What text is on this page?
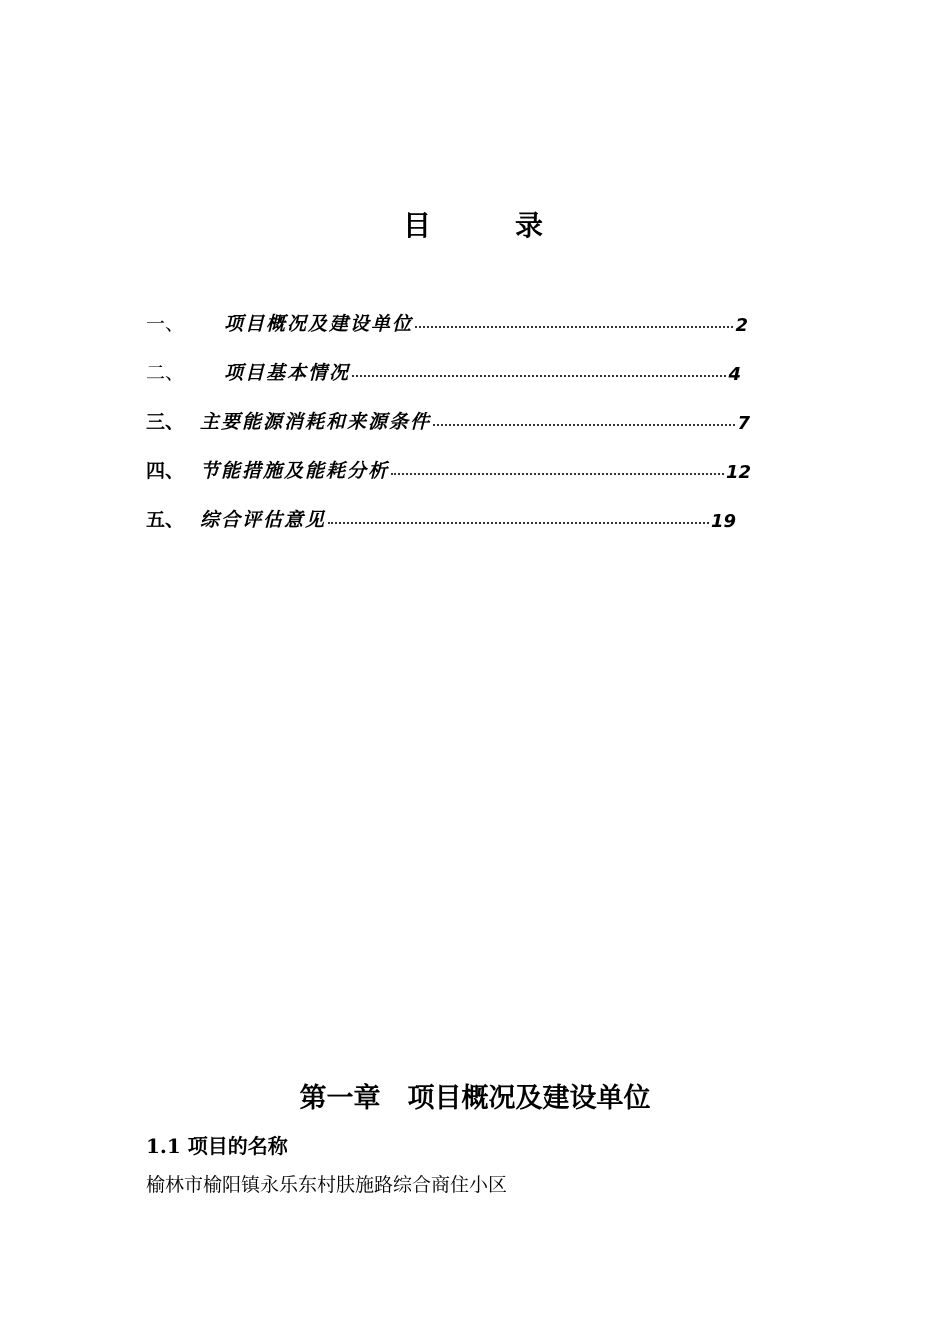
目　录
一、 项目概况及建设单位	2
二、 项目基本情况	4
三、 主要能源消耗和来源条件	7
四、 节能措施及能耗分析	12
五、 综合评估意见	19
第一章　项目概况及建设单位
1.1 项目的名称
榆林市榆阳镇永乐东村肤施路综合商住小区
